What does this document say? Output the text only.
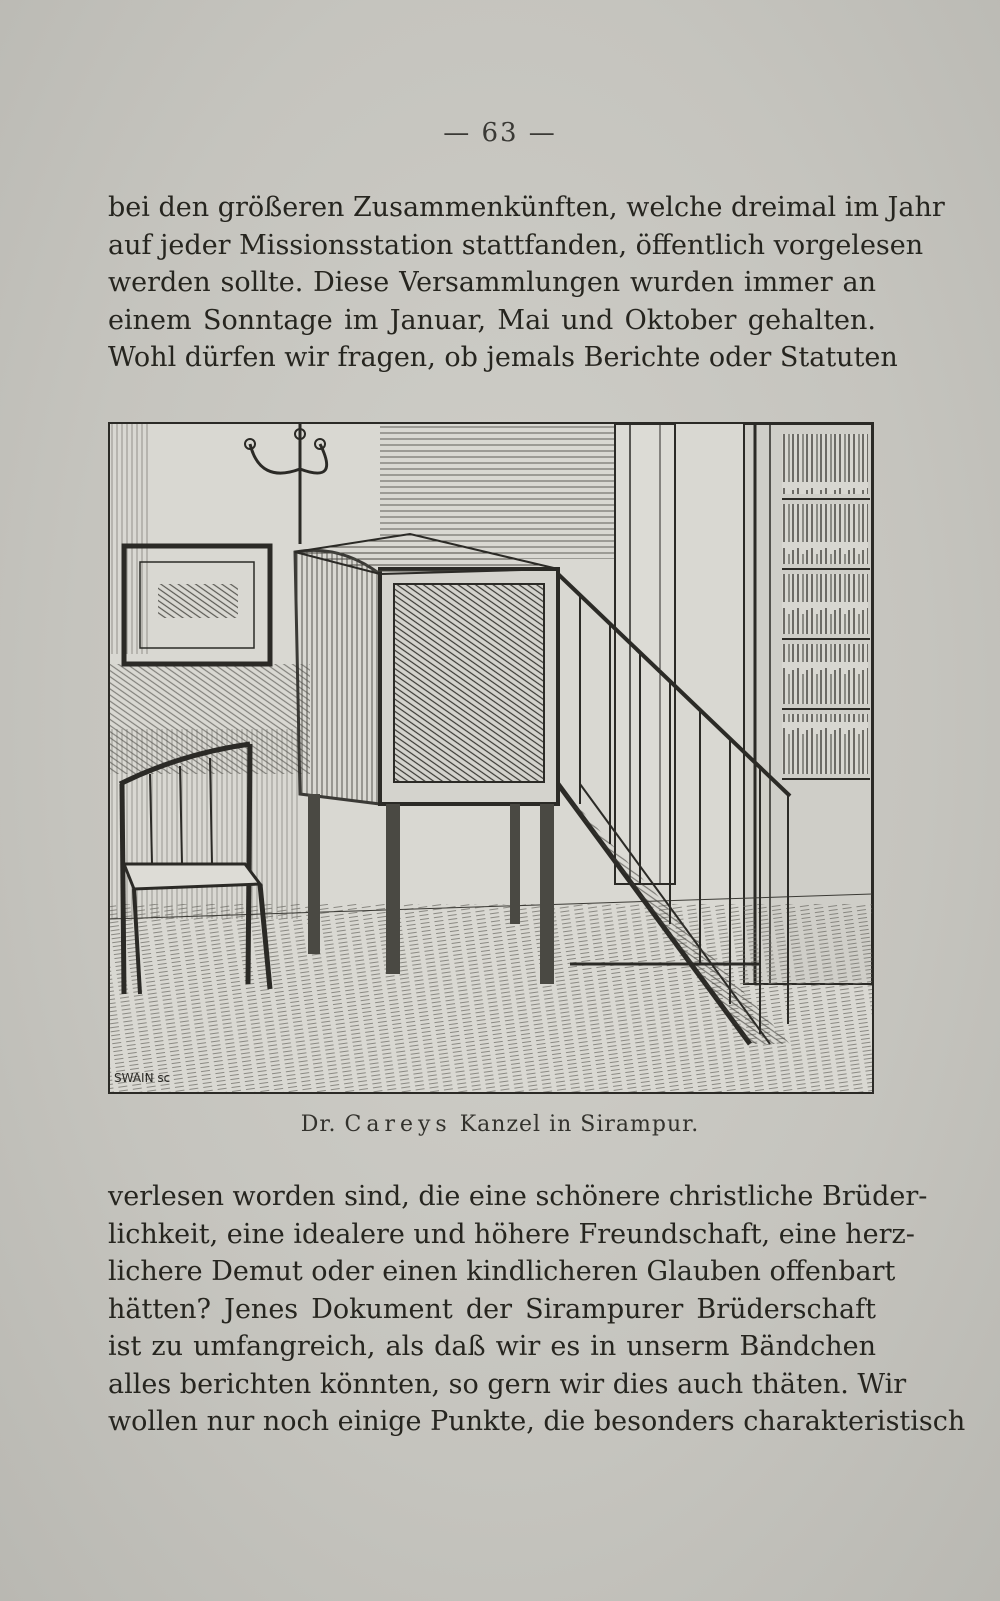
— 63 —
bei den größeren Zusammenkünften, welche dreimal im Jahr
auf jeder Missionsstation stattfanden, öffentlich vorgelesen
werden sollte. Diese Versammlungen wurden immer an
einem Sonntage im Januar, Mai und Oktober gehalten.
Wohl dürfen wir fragen, ob jemals Berichte oder Statuten
SWAIN sc
Dr. Careys Kanzel in Sirampur.
verlesen worden sind, die eine schönere christliche Brüder-
lichkeit, eine idealere und höhere Freundschaft, eine herz-
lichere Demut oder einen kindlicheren Glauben offenbart
hätten? Jenes Dokument der Sirampurer Brüderschaft
ist zu umfangreich, als daß wir es in unserm Bändchen
alles berichten könnten, so gern wir dies auch thäten. Wir
wollen nur noch einige Punkte, die besonders charakteristisch
